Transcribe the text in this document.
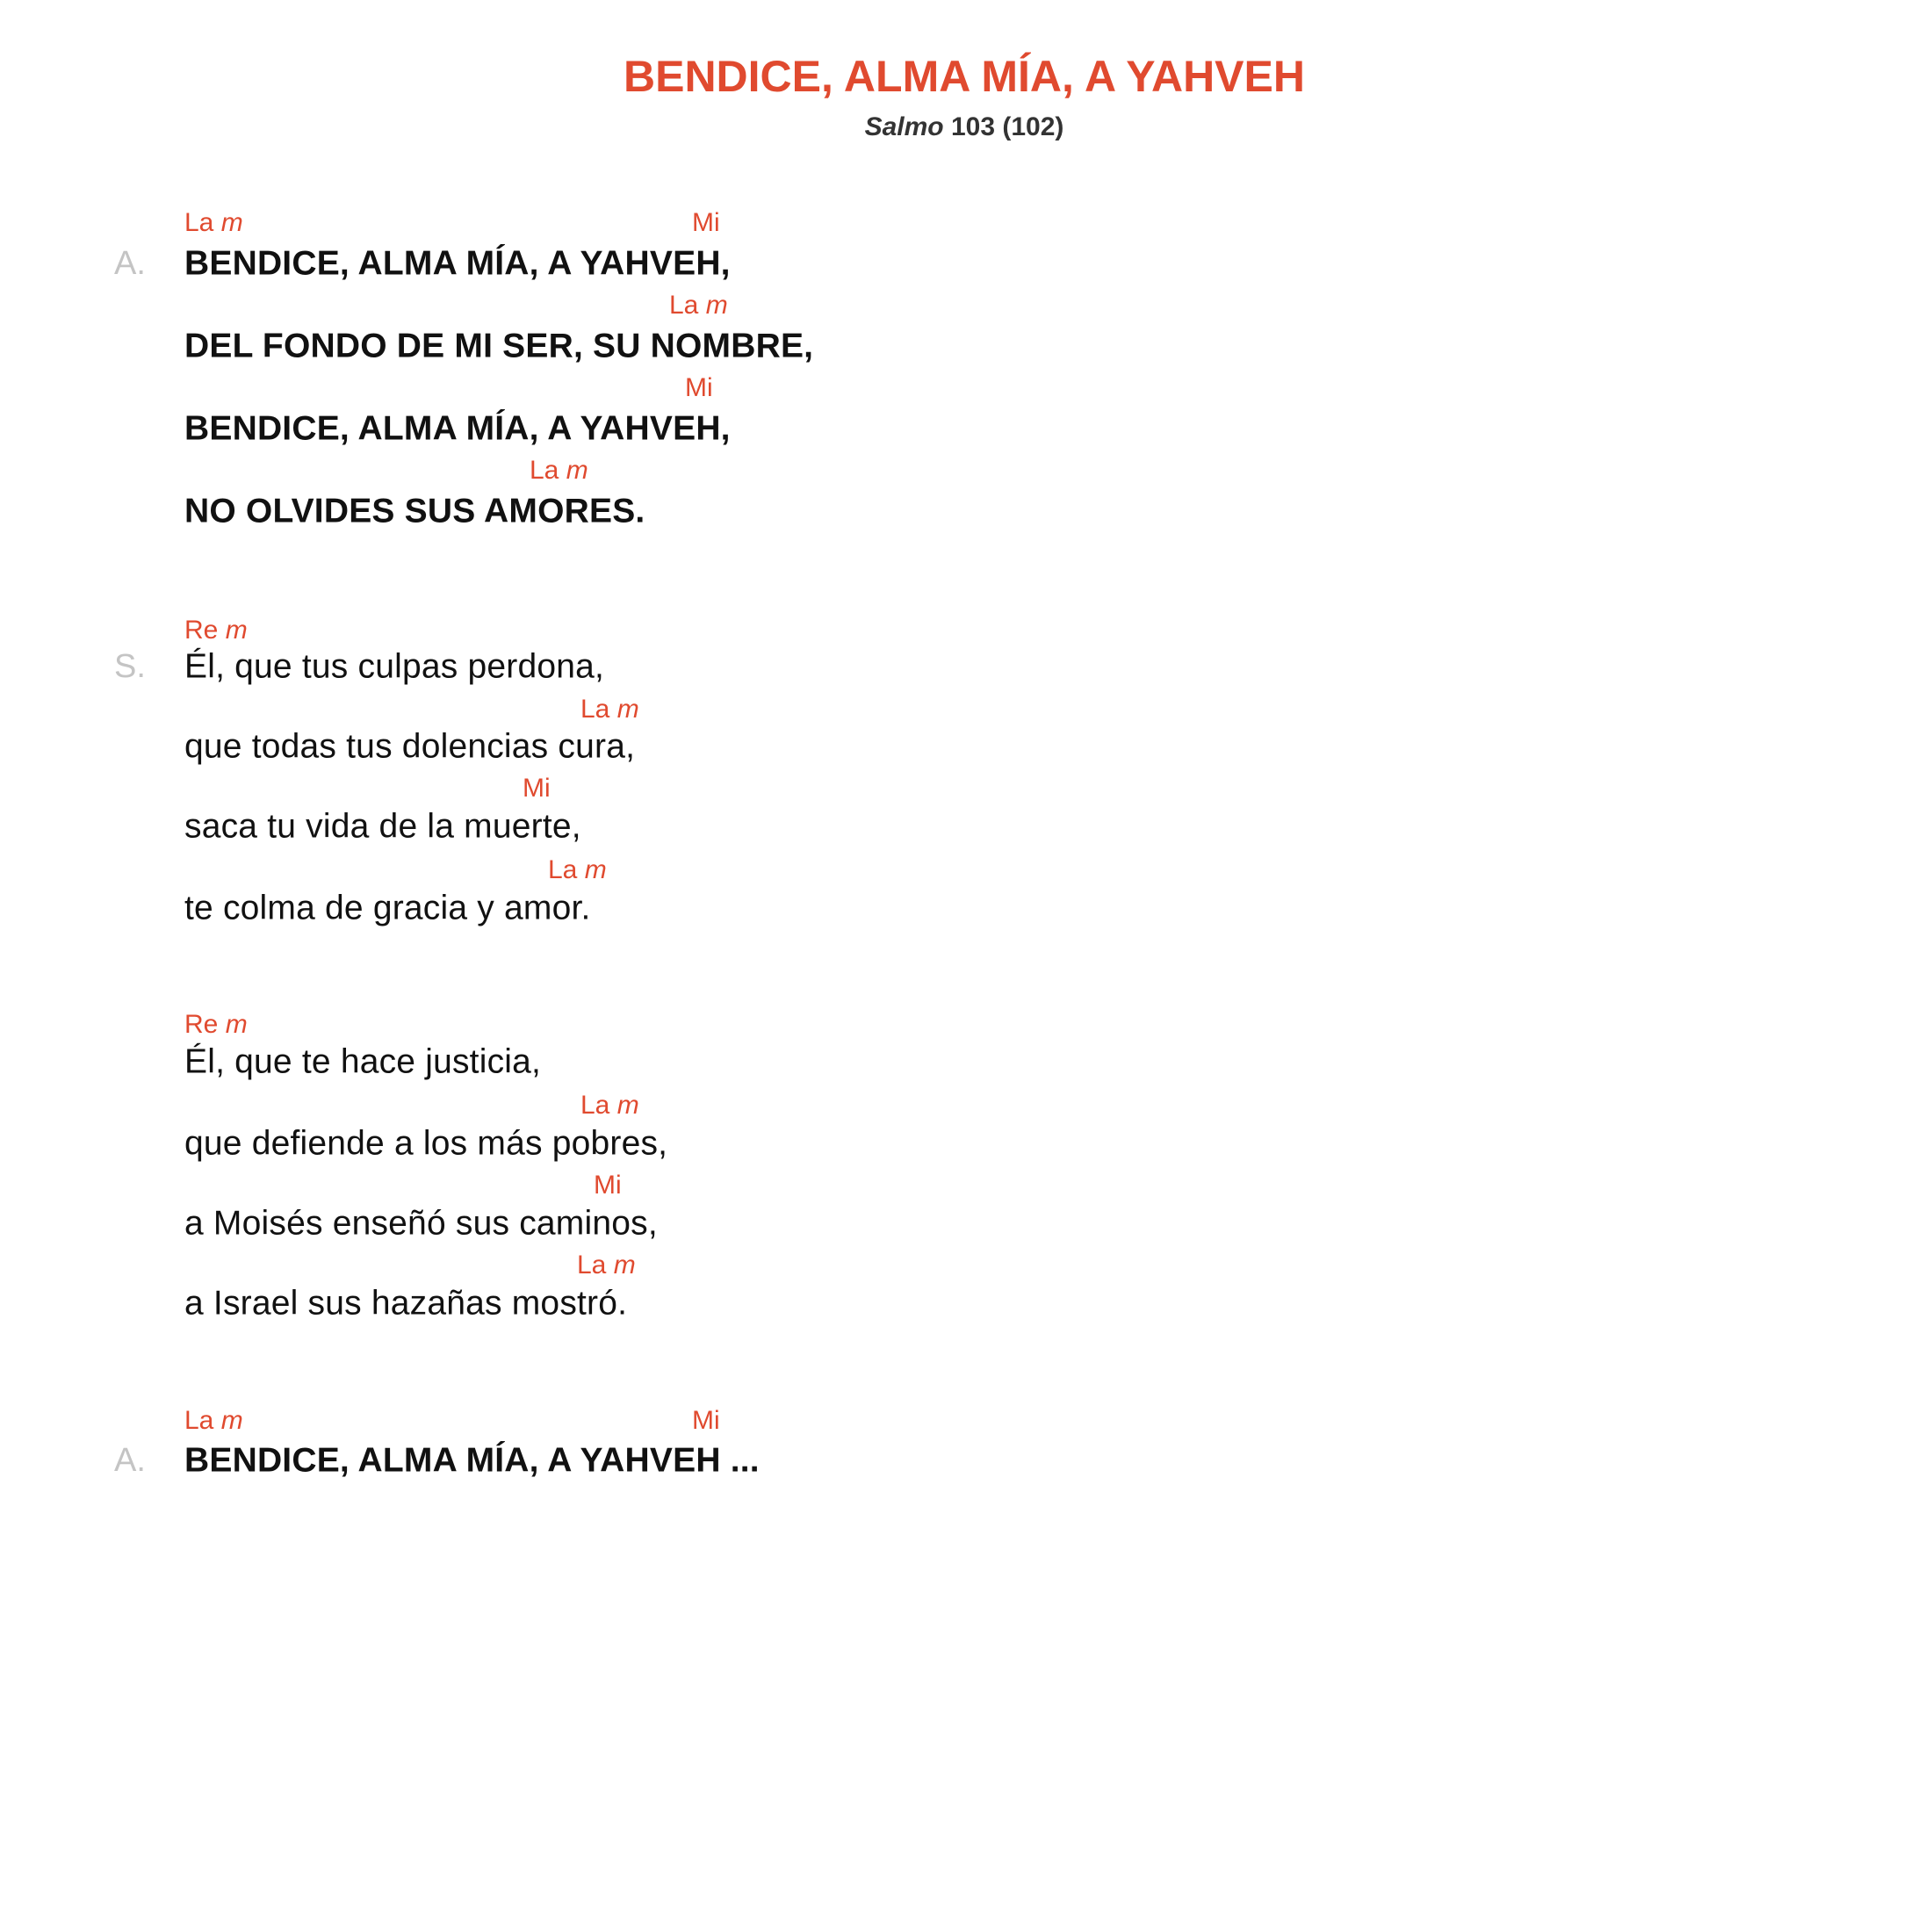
BENDICE, ALMA MÍA, A YAHVEH
Salmo 103 (102)
A.
La m	Mi
BENDICE, ALMA MÍA, A YAHVEH,
La m
DEL FONDO DE MI SER, SU NOMBRE,
Mi
BENDICE, ALMA MÍA, A YAHVEH,
La m
NO OLVIDES SUS AMORES.
S.
Re m
Él, que tus culpas perdona,
La m
que todas tus dolencias cura,
Mi
saca tu vida de la muerte,
La m
te colma de gracia y amor.
Re m
Él, que te hace justicia,
La m
que defiende a los más pobres,
Mi
a Moisés enseñó sus caminos,
La m
a Israel sus hazañas mostró.
A.
La m	Mi
BENDICE, ALMA MÍA, A YAHVEH ...
